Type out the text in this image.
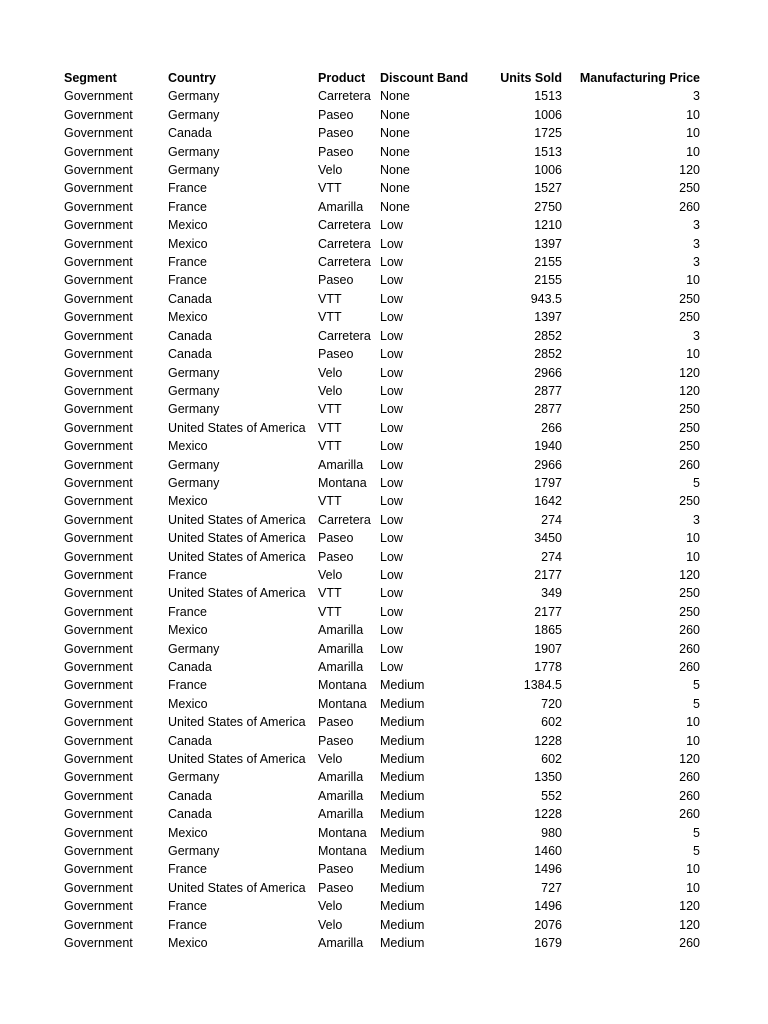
Segment	Country	Product	Discount Band	Units Sold	Manufacturing Price
Government	Germany	Carretera	None	1513	3
Government	Germany	Paseo	None	1006	10
Government	Canada	Paseo	None	1725	10
Government	Germany	Paseo	None	1513	10
Government	Germany	Velo	None	1006	120
Government	France	VTT	None	1527	250
Government	France	Amarilla	None	2750	260
Government	Mexico	Carretera	Low	1210	3
Government	Mexico	Carretera	Low	1397	3
Government	France	Carretera	Low	2155	3
Government	France	Paseo	Low	2155	10
Government	Canada	VTT	Low	943.5	250
Government	Mexico	VTT	Low	1397	250
Government	Canada	Carretera	Low	2852	3
Government	Canada	Paseo	Low	2852	10
Government	Germany	Velo	Low	2966	120
Government	Germany	Velo	Low	2877	120
Government	Germany	VTT	Low	2877	250
Government	United States of America	VTT	Low	266	250
Government	Mexico	VTT	Low	1940	250
Government	Germany	Amarilla	Low	2966	260
Government	Germany	Montana	Low	1797	5
Government	Mexico	VTT	Low	1642	250
Government	United States of America	Carretera	Low	274	3
Government	United States of America	Paseo	Low	3450	10
Government	United States of America	Paseo	Low	274	10
Government	France	Velo	Low	2177	120
Government	United States of America	VTT	Low	349	250
Government	France	VTT	Low	2177	250
Government	Mexico	Amarilla	Low	1865	260
Government	Germany	Amarilla	Low	1907	260
Government	Canada	Amarilla	Low	1778	260
Government	France	Montana	Medium	1384.5	5
Government	Mexico	Montana	Medium	720	5
Government	United States of America	Paseo	Medium	602	10
Government	Canada	Paseo	Medium	1228	10
Government	United States of America	Velo	Medium	602	120
Government	Germany	Amarilla	Medium	1350	260
Government	Canada	Amarilla	Medium	552	260
Government	Canada	Amarilla	Medium	1228	260
Government	Mexico	Montana	Medium	980	5
Government	Germany	Montana	Medium	1460	5
Government	France	Paseo	Medium	1496	10
Government	United States of America	Paseo	Medium	727	10
Government	France	Velo	Medium	1496	120
Government	France	Velo	Medium	2076	120
Government	Mexico	Amarilla	Medium	1679	260
